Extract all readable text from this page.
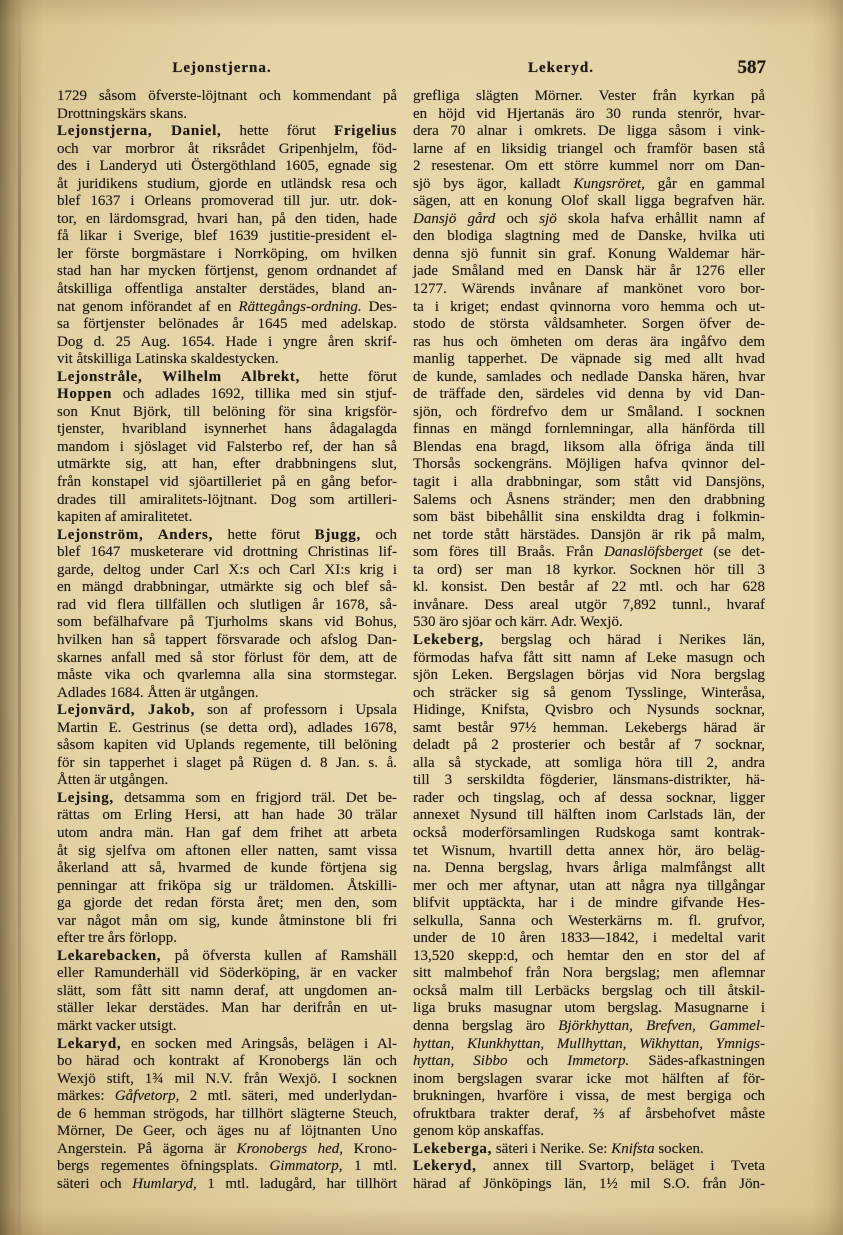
Lejonstjerna.	Lekeryd.	587
1729 såsom öfverste-löjtnant och kommendant på
Drottningskärs skans.
Lejonstjerna, Daniel, hette förut Frigelius
och var morbror åt riksrådet Gripenhjelm, föd-
des i Landeryd uti Östergöthland 1605, egnade sig
åt juridikens studium, gjorde en utländsk resa och
blef 1637 i Orleans promoverad till jur. utr. dok-
tor, en lärdomsgrad, hvari han, på den tiden, hade
få likar i Sverige, blef 1639 justitie-president el-
ler förste borgmästare i Norrköping, om hvilken
stad han har mycken förtjenst, genom ordnandet af
åtskilliga offentliga anstalter derstädes, bland an-
nat genom införandet af en Rättegångs-ordning. Des-
sa förtjenster belönades år 1645 med adelskap.
Dog d. 25 Aug. 1654. Hade i yngre åren skrif-
vit åtskilliga Latinska skaldestycken.
Lejonstråle, Wilhelm Albrekt, hette förut
Hoppen och adlades 1692, tillika med sin stjuf-
son Knut Björk, till belöning för sina krigsför-
tjenster, hvaribland isynnerhet hans ådagalagda
mandom i sjöslaget vid Falsterbo ref, der han så
utmärkte sig, att han, efter drabbningens slut,
från konstapel vid sjöartilleriet på en gång befor-
drades till amiralitets-löjtnant. Dog som artilleri-
kapiten af amiralitetet.
Lejonström, Anders, hette förut Bjugg, och
blef 1647 musketerare vid drottning Christinas lif-
garde, deltog under Carl X:s och Carl XI:s krig i
en mängd drabbningar, utmärkte sig och blef så-
rad vid flera tillfällen och slutligen år 1678, så-
som befälhafvare på Tjurholms skans vid Bohus,
hvilken han så tappert försvarade och afslog Dan-
skarnes anfall med så stor förlust för dem, att de
måste vika och qvarlemna alla sina stormstegar.
Adlades 1684. Åtten är utgången.
Lejonvärd, Jakob, son af professorn i Upsala
Martin E. Gestrinus (se detta ord), adlades 1678,
såsom kapiten vid Uplands regemente, till belöning
för sin tapperhet i slaget på Rügen d. 8 Jan. s. å.
Åtten är utgången.
Lejsing, detsamma som en frigjord träl. Det be-
rättas om Erling Hersi, att han hade 30 trälar
utom andra män. Han gaf dem frihet att arbeta
åt sig sjelfva om aftonen eller natten, samt vissa
åkerland att så, hvarmed de kunde förtjena sig
penningar att friköpa sig ur träldomen. Åtskilli-
ga gjorde det redan första året; men den, som
var något mån om sig, kunde åtminstone bli fri
efter tre års förlopp.
Lekarebacken, på öfversta kullen af Ramshäll
eller Ramunderhäll vid Söderköping, är en vacker
slätt, som fått sitt namn deraf, att ungdomen an-
ställer lekar derstädes. Man har derifrån en ut-
märkt vacker utsigt.
Lekaryd, en socken med Aringsås, belägen i Al-
bo härad och kontrakt af Kronobergs län och
Wexjö stift, 1¾ mil N.V. från Wexjö. I socknen
märkes: Gåfvetorp, 2 mtl. säteri, med underlydan-
de 6 hemman strögods, har tillhört slägterne Steuch,
Mörner, De Geer, och äges nu af löjtnanten Uno
Angerstein. På ägorna är Kronobergs hed, Krono-
bergs regementes öfningsplats. Gimmatorp, 1 mtl.
säteri och Humlaryd, 1 mtl. ladugård, har tillhört
grefliga slägten Mörner. Vester från kyrkan på
en höjd vid Hjertanäs äro 30 runda stenrör, hvar-
dera 70 alnar i omkrets. De ligga såsom i vink-
larne af en liksidig triangel och framför basen stå
2 resestenar. Om ett större kummel norr om Dan-
sjö bys ägor, kalladt Kungsröret, går en gammal
sägen, att en konung Olof skall ligga begrafven här.
Dansjö gård och sjö skola hafva erhållit namn af
den blodiga slagtning med de Danske, hvilka uti
denna sjö funnit sin graf. Konung Waldemar här-
jade Småland med en Dansk här år 1276 eller
1277. Wärends invånare af mankönet voro bor-
ta i kriget; endast qvinnorna voro hemma och ut-
stodo de största våldsamheter. Sorgen öfver de-
ras hus och ömheten om deras ära ingåfvo dem
manlig tapperhet. De väpnade sig med allt hvad
de kunde, samlades och nedlade Danska hären, hvar
de träffade den, särdeles vid denna by vid Dan-
sjön, och fördrefvo dem ur Småland. I socknen
finnas en mängd fornlemningar, alla hänförda till
Blendas ena bragd, liksom alla öfriga ända till
Thorsås sockengräns. Möjligen hafva qvinnor del-
tagit i alla drabbningar, som stått vid Dansjöns,
Salems och Åsnens stränder; men den drabbning
som bäst bibehållit sina enskildta drag i folkmin-
net torde stått härstädes. Dansjön är rik på malm,
som föres till Braås. Från Danaslöfsberget (se det-
ta ord) ser man 18 kyrkor. Socknen hör till 3
kl. konsist. Den består af 22 mtl. och har 628
invånare. Dess areal utgör 7,892 tunnl., hvaraf
530 äro sjöar och kärr. Adr. Wexjö.
Lekeberg, bergslag och härad i Nerikes län,
förmodas hafva fått sitt namn af Leke masugn och
sjön Leken. Bergslagen börjas vid Nora bergslag
och sträcker sig så genom Tysslinge, Winteråsa,
Hidinge, Knifsta, Qvisbro och Nysunds socknar,
samt består 97½ hemman. Lekebergs härad är
deladt på 2 prosterier och består af 7 socknar,
alla så styckade, att somliga höra till 2, andra
till 3 serskildta fögderier, länsmans-distrikter, hä-
rader och tingslag, och af dessa socknar, ligger
annexet Nysund till hälften inom Carlstads län, der
också moderförsamlingen Rudskoga samt kontrak-
tet Wisnum, hvartill detta annex hör, äro beläg-
na. Denna bergslag, hvars årliga malmfångst allt
mer och mer aftynar, utan att några nya tillgångar
blifvit upptäckta, har i de mindre gifvande Hes-
selkulla, Sanna och Westerkärns m. fl. grufvor,
under de 10 åren 1833—1842, i medeltal varit
13,520 skepp:d, och hemtar den en stor del af
sitt malmbehof från Nora bergslag; men aflemnar
också malm till Lerbäcks bergslag och till åtskil-
liga bruks masugnar utom bergslag. Masugnarne i
denna bergslag äro Björkhyttan, Brefven, Gammel-
hyttan, Klunkhyttan, Mullhyttan, Wikhyttan, Ymnigs-
hyttan, Sibbo och Immetorp. Sädes-afkastningen
inom bergslagen svarar icke mot hälften af för-
brukningen, hvarföre i vissa, de mest bergiga och
ofruktbara trakter deraf, ⅔ af årsbehofvet måste
genom köp anskaffas.
Lekeberga, säteri i Nerike. Se: Knifsta socken.
Lekeryd, annex till Svartorp, beläget i Tveta
härad af Jönköpings län, 1½ mil S.O. från Jön-
